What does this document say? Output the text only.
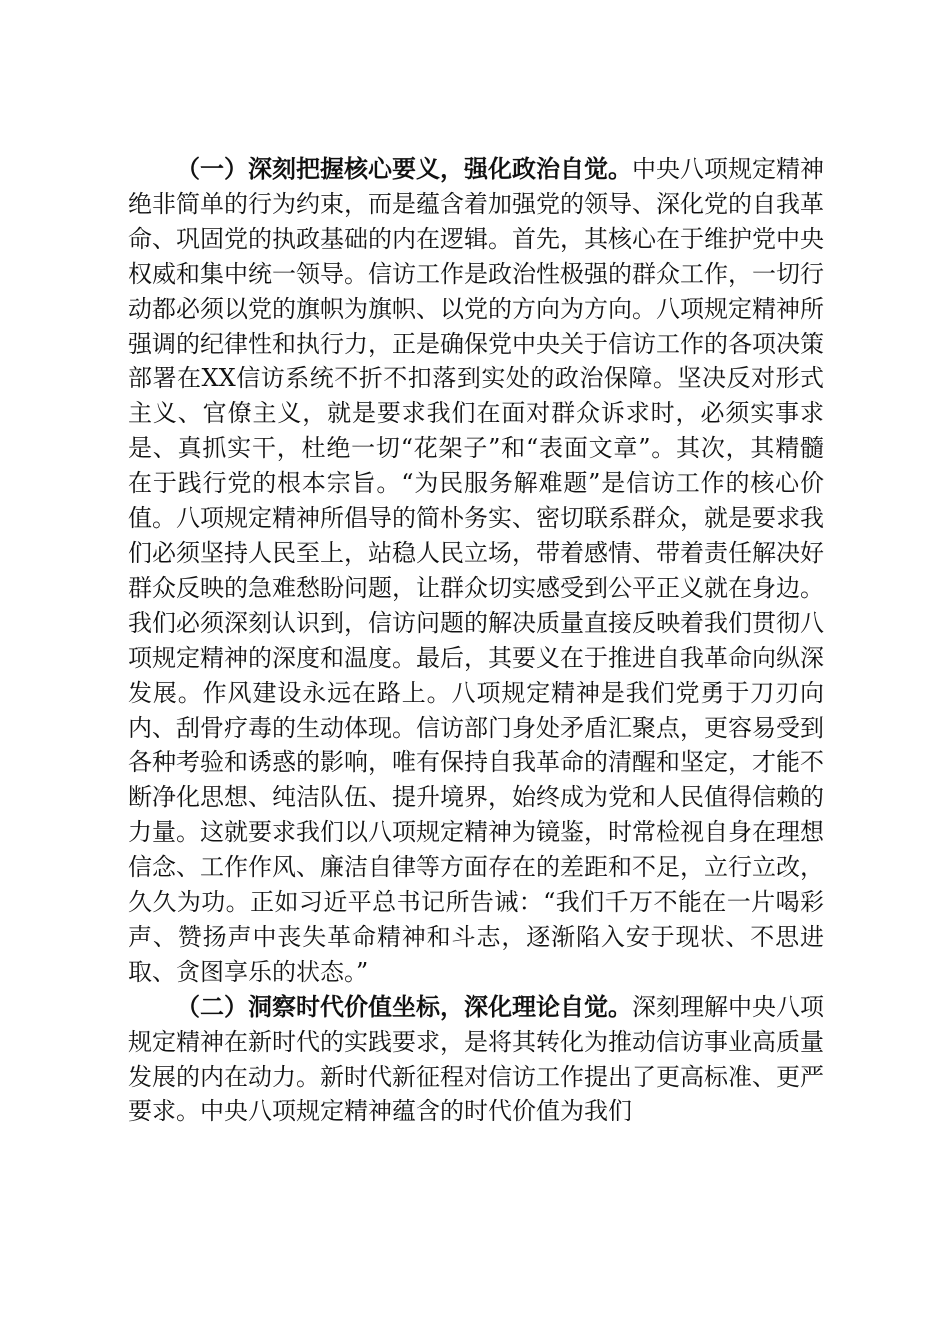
（一）深刻把握核心要义，强化政治自觉。中央八项规定精神绝非简单的行为约束，而是蕴含着加强党的领导、深化党的自我革命、巩固党的执政基础的内在逻辑。首先，其核心在于维护党中央权威和集中统一领导。信访工作是政治性极强的群众工作，一切行动都必须以党的旗帜为旗帜、以党的方向为方向。八项规定精神所强调的纪律性和执行力，正是确保党中央关于信访工作的各项决策部署在XX信访系统不折不扣落到实处的政治保障。坚决反对形式主义、官僚主义，就是要求我们在面对群众诉求时，必须实事求是、真抓实干，杜绝一切“花架子”和“表面文章”。其次，其精髓在于践行党的根本宗旨。“为民服务解难题”是信访工作的核心价值。八项规定精神所倡导的简朴务实、密切联系群众，就是要求我们必须坚持人民至上，站稳人民立场，带着感情、带着责任解决好群众反映的急难愁盼问题，让群众切实感受到公平正义就在身边。我们必须深刻认识到，信访问题的解决质量直接反映着我们贯彻八项规定精神的深度和温度。最后，其要义在于推进自我革命向纵深发展。作风建设永远在路上。八项规定精神是我们党勇于刀刃向内、刮骨疗毒的生动体现。信访部门身处矛盾汇聚点，更容易受到各种考验和诱惑的影响，唯有保持自我革命的清醒和坚定，才能不断净化思想、纯洁队伍、提升境界，始终成为党和人民值得信赖的力量。这就要求我们以八项规定精神为镜鉴，时常检视自身在理想信念、工作作风、廉洁自律等方面存在的差距和不足，立行立改，久久为功。正如习近平总书记所告诫：“我们千万不能在一片喝彩声、赞扬声中丧失革命精神和斗志，逐渐陷入安于现状、不思进取、贪图享乐的状态。”

（二）洞察时代价值坐标，深化理论自觉。深刻理解中央八项规定精神在新时代的实践要求，是将其转化为推动信访事业高质量发展的内在动力。新时代新征程对信访工作提出了更高标准、更严要求。中央八项规定精神蕴含的时代价值为我们
